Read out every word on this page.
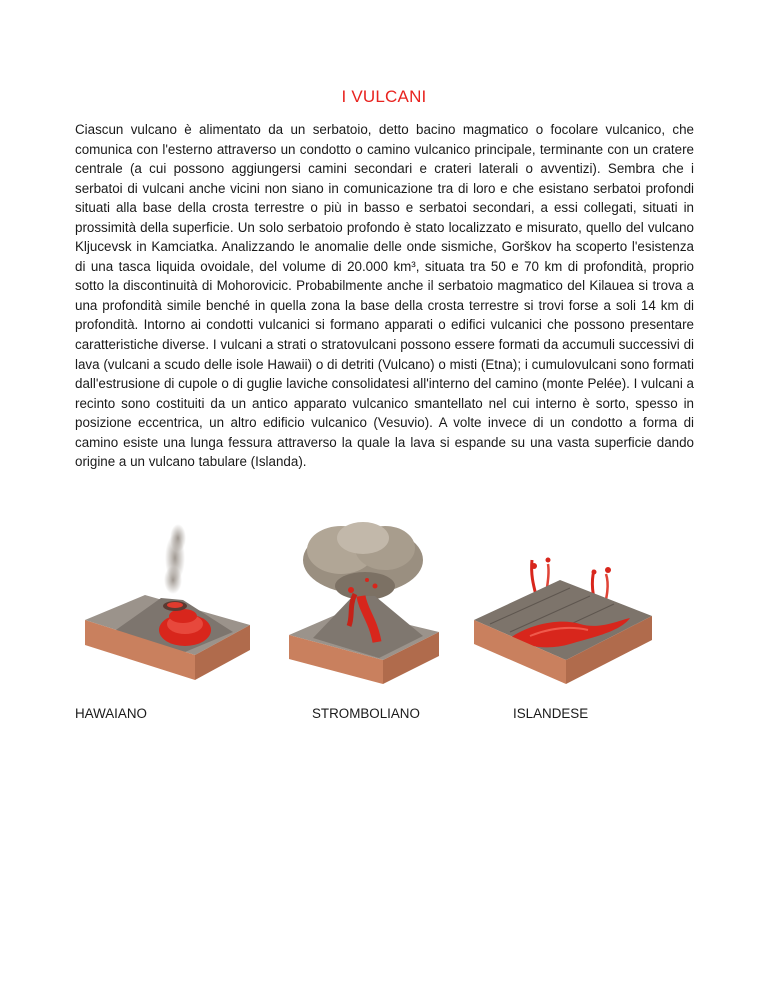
I VULCANI

Ciascun vulcano è alimentato da un serbatoio, detto bacino magmatico o focolare vulcanico, che comunica con l'esterno attraverso un condotto o camino vulcanico principale, terminante con un cratere centrale (a cui possono aggiungersi camini secondari e crateri laterali o avventizi). Sembra che i serbatoi di vulcani anche vicini non siano in comunicazione tra di loro e che esistano serbatoi profondi situati alla base della crosta terrestre o più in basso e serbatoi secondari, a essi collegati, situati in prossimità della superficie. Un solo serbatoio profondo è stato localizzato e misurato, quello del vulcano Kljucevsk in Kamciatka. Analizzando le anomalie delle onde sismiche, Gorškov ha scoperto l'esistenza di una tasca liquida ovoidale, del volume di 20.000 km³, situata tra 50 e 70 km di profondità, proprio sotto la discontinuità di Mohorovicic. Probabilmente anche il serbatoio magmatico del Kilauea si trova a una profondità simile benché in quella zona la base della crosta terrestre si trovi forse a soli 14 km di profondità. Intorno ai condotti vulcanici si formano apparati o edifici vulcanici che possono presentare caratteristiche diverse. I vulcani a strati o stratovulcani possono essere formati da accumuli successivi di lava (vulcani a scudo delle isole Hawaii) o di detriti (Vulcano) o misti (Etna); i cumulovulcani sono formati dall'estrusione di cupole o di guglie laviche consolidatesi all'interno del camino (monte Pelée). I vulcani a recinto sono costituiti da un antico apparato vulcanico smantellato nel cui interno è sorto, spesso in posizione eccentrica, un altro edificio vulcanico (Vesuvio). A volte invece di un condotto a forma di camino esiste una lunga fessura attraverso la quale la lava si espande su una vasta superficie dando origine a un vulcano tabulare (Islanda).

HAWAIANO	STROMBOLIANO	ISLANDESE
